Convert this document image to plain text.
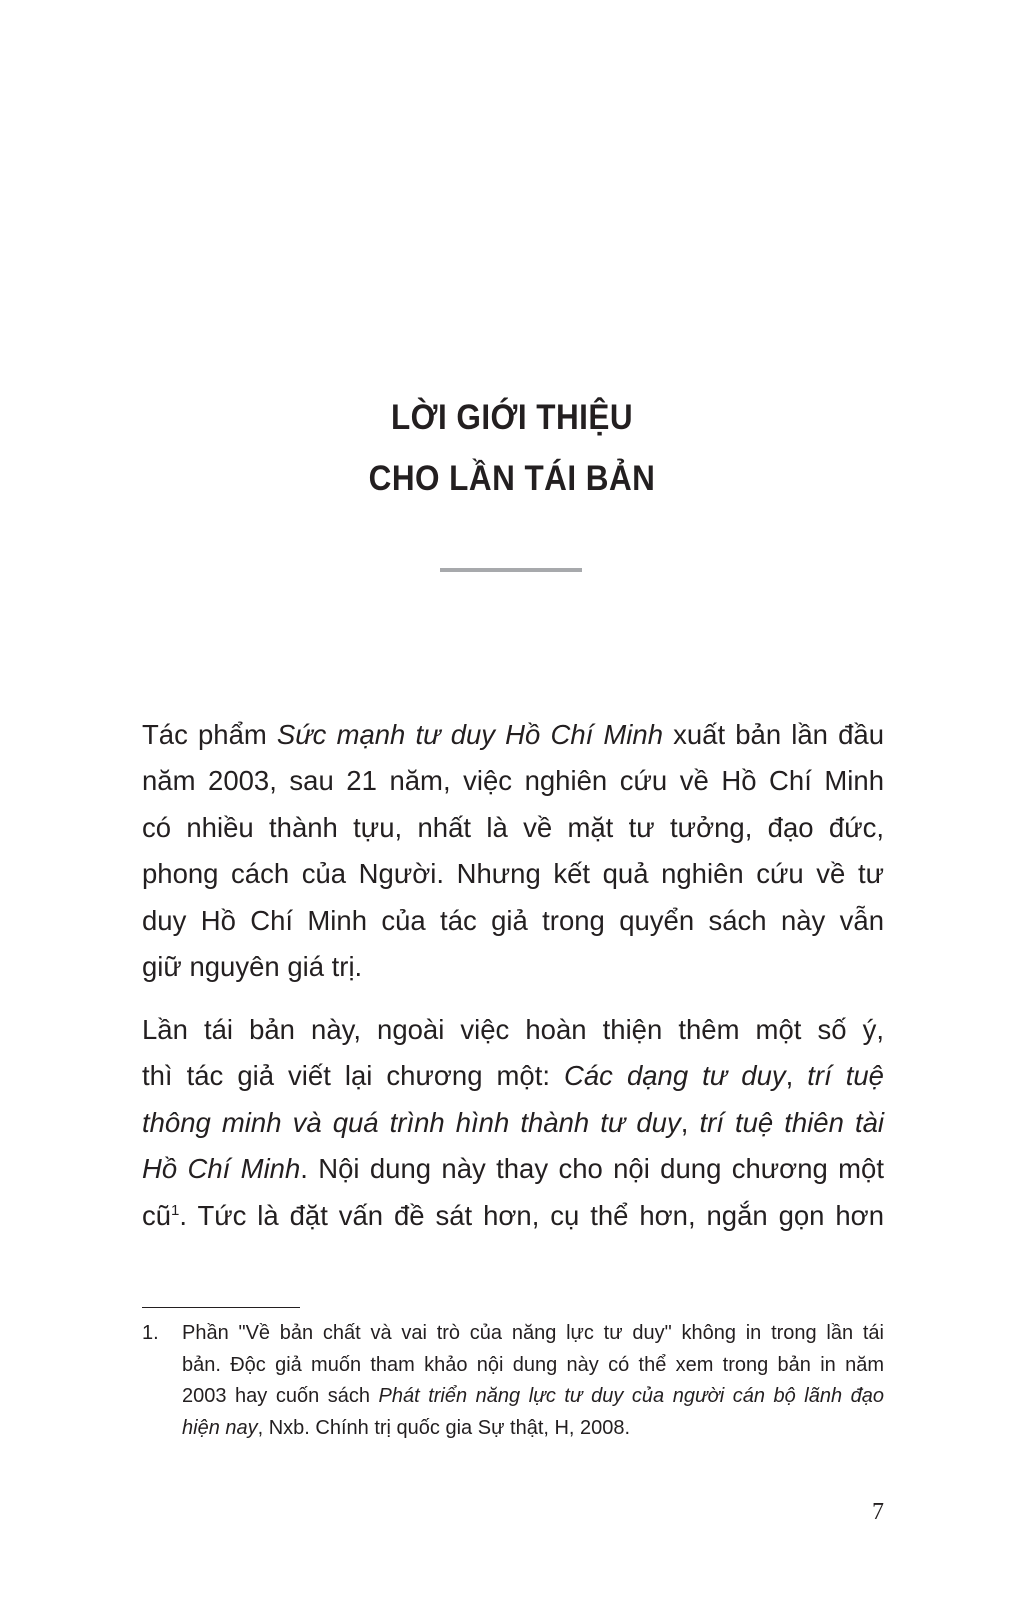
LỜI GIỚI THIỆU
CHO LẦN TÁI BẢN
Tác phẩm Sức mạnh tư duy Hồ Chí Minh xuất bản lần đầu
năm 2003, sau 21 năm, việc nghiên cứu về Hồ Chí Minh
có nhiều thành tựu, nhất là về mặt tư tưởng, đạo đức,
phong cách của Người. Nhưng kết quả nghiên cứu về tư
duy Hồ Chí Minh của tác giả trong quyển sách này vẫn
giữ nguyên giá trị.
Lần tái bản này, ngoài việc hoàn thiện thêm một số ý,
thì tác giả viết lại chương một: Các dạng tư duy, trí tuệ
thông minh và quá trình hình thành tư duy, trí tuệ thiên tài
Hồ Chí Minh. Nội dung này thay cho nội dung chương một
cũ$^1$. Tức là đặt vấn đề sát hơn, cụ thể hơn, ngắn gọn hơn
1. Phần "Về bản chất và vai trò của năng lực tư duy" không in trong lần tái
bản. Độc giả muốn tham khảo nội dung này có thể xem trong bản in năm
2003 hay cuốn sách Phát triển năng lực tư duy của người cán bộ lãnh đạo
hiện nay, Nxb. Chính trị quốc gia Sự thật, H, 2008.
7
